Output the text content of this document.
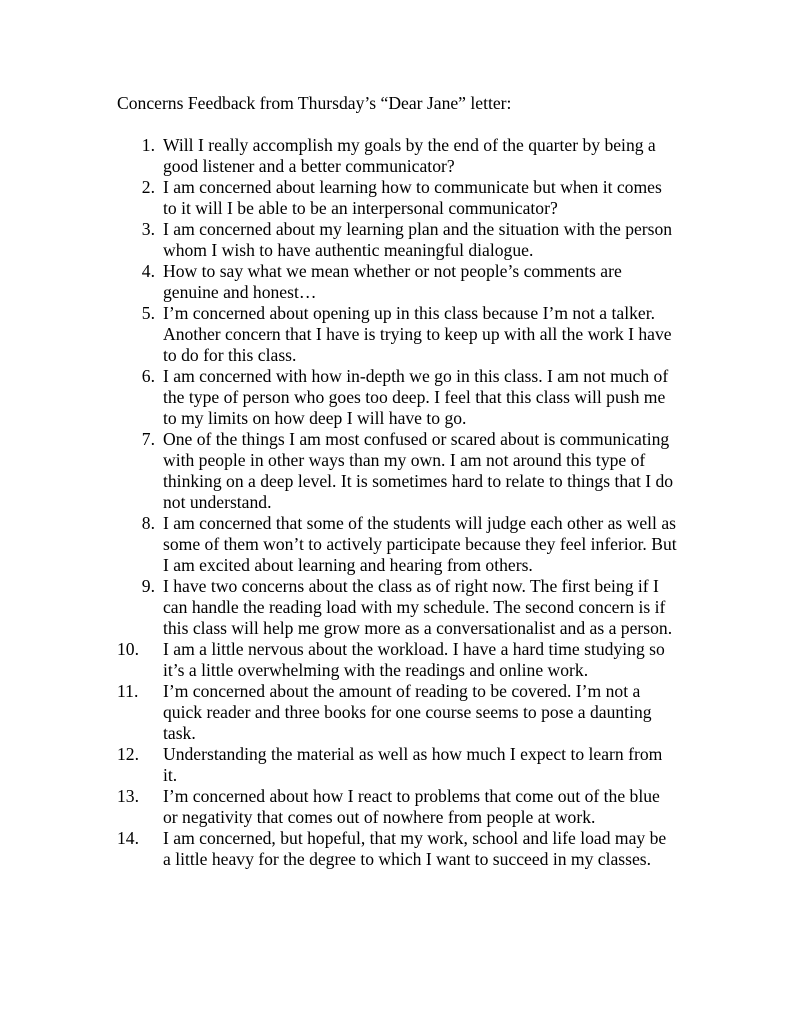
Concerns Feedback from Thursday’s “Dear Jane” letter:
1. Will I really accomplish my goals by the end of the quarter by being a good listener and a better communicator?
2. I am concerned about learning how to communicate but when it comes to it will I be able to be an interpersonal communicator?
3. I am concerned about my learning plan and the situation with the person whom I wish to have authentic meaningful dialogue.
4. How to say what we mean whether or not people’s comments are genuine and honest…
5. I’m concerned about opening up in this class because I’m not a talker. Another concern that I have is trying to keep up with all the work I have to do for this class.
6. I am concerned with how in-depth we go in this class. I am not much of the type of person who goes too deep. I feel that this class will push me to my limits on how deep I will have to go.
7. One of the things I am most confused or scared about is communicating with people in other ways than my own. I am not around this type of thinking on a deep level. It is sometimes hard to relate to things that I do not understand.
8. I am concerned that some of the students will judge each other as well as some of them won’t to actively participate because they feel inferior. But I am excited about learning and hearing from others.
9. I have two concerns about the class as of right now. The first being if I can handle the reading load with my schedule. The second concern is if this class will help me grow more as a conversationalist and as a person.
10.	I am a little nervous about the workload. I have a hard time studying so it’s a little overwhelming with the readings and online work.
11.	I’m concerned about the amount of reading to be covered. I’m not a quick reader and three books for one course seems to pose a daunting task.
12.	Understanding the material as well as how much I expect to learn from it.
13.	I’m concerned about how I react to problems that come out of the blue or negativity that comes out of nowhere from people at work.
14.	I am concerned, but hopeful, that my work, school and life load may be a little heavy for the degree to which I want to succeed in my classes.
